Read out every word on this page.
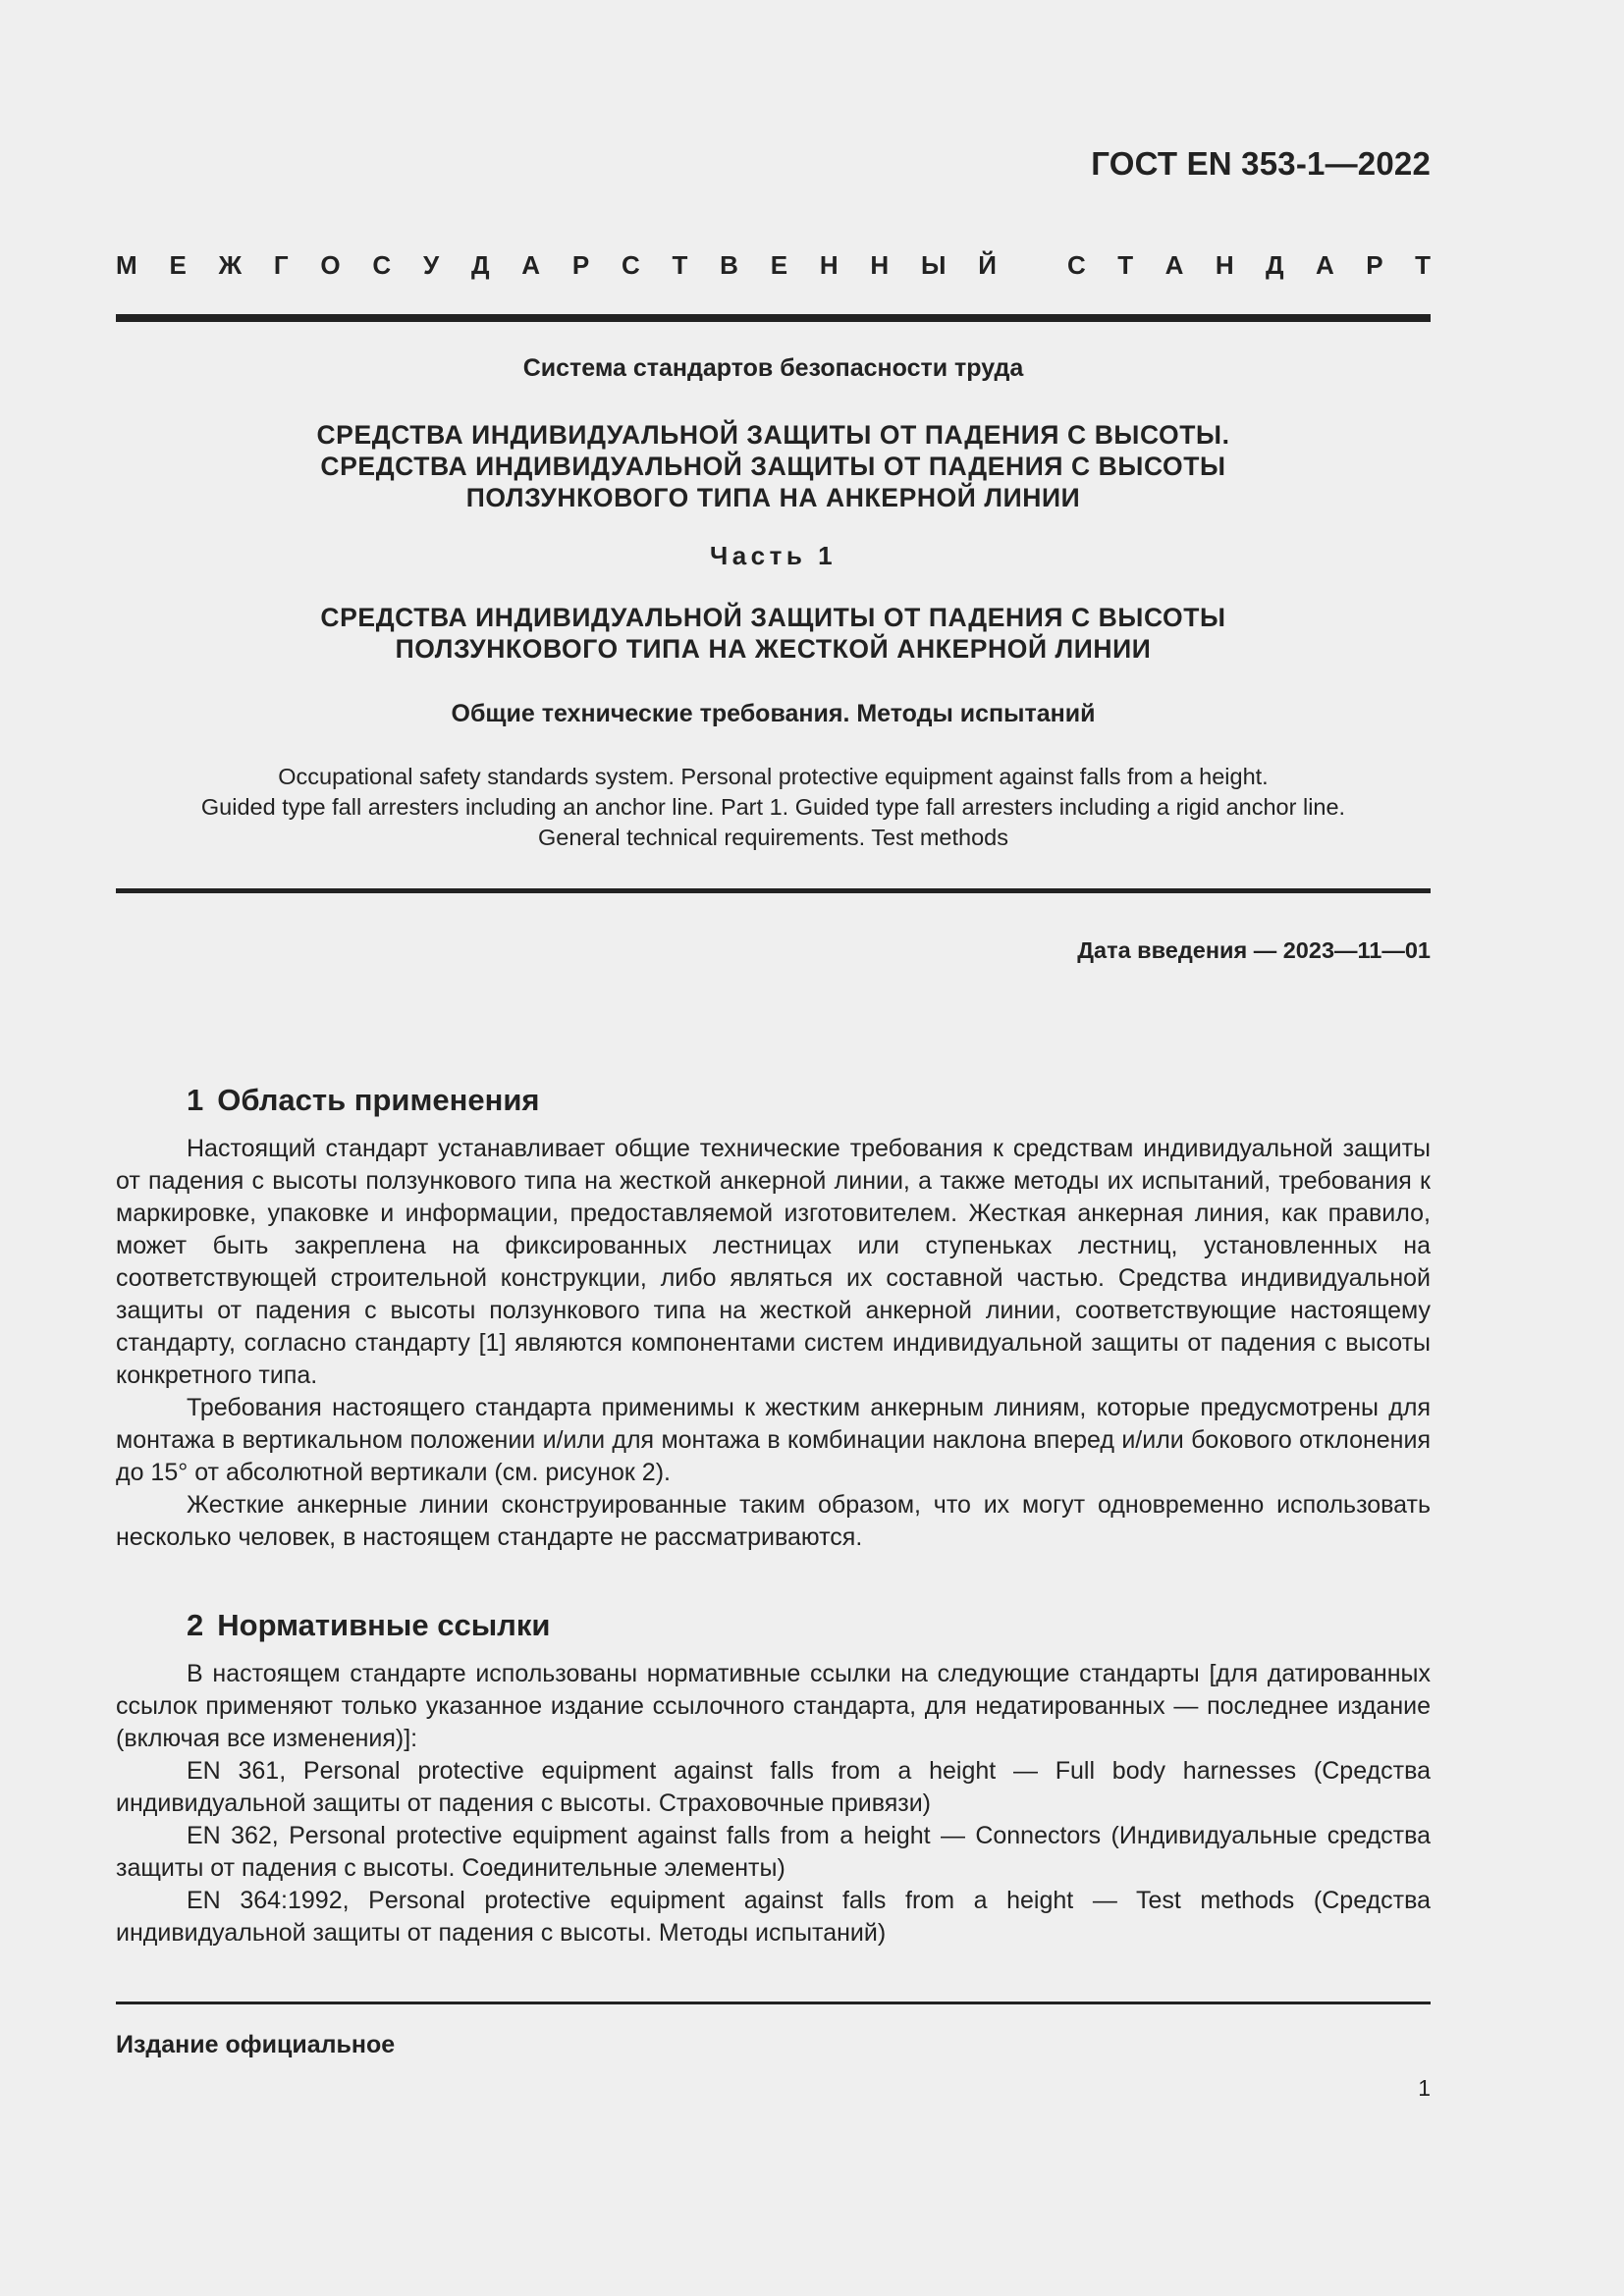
ГОСТ EN 353-1—2022
М Е Ж Г О С У Д А Р С Т В Е Н Н Ы Й	С Т А Н Д А Р Т
Система стандартов безопасности труда
СРЕДСТВА ИНДИВИДУАЛЬНОЙ ЗАЩИТЫ ОТ ПАДЕНИЯ С ВЫСОТЫ.
СРЕДСТВА ИНДИВИДУАЛЬНОЙ ЗАЩИТЫ ОТ ПАДЕНИЯ С ВЫСОТЫ
ПОЛЗУНКОВОГО ТИПА НА АНКЕРНОЙ ЛИНИИ
Часть 1
СРЕДСТВА ИНДИВИДУАЛЬНОЙ ЗАЩИТЫ ОТ ПАДЕНИЯ С ВЫСОТЫ
ПОЛЗУНКОВОГО ТИПА НА ЖЕСТКОЙ АНКЕРНОЙ ЛИНИИ
Общие технические требования. Методы испытаний
Occupational safety standards system. Personal protective equipment against falls from a height.
Guided type fall arresters including an anchor line. Part 1. Guided type fall arresters including a rigid anchor line.
General technical requirements. Test methods
Дата введения — 2023—11—01
1 Область применения

Настоящий стандарт устанавливает общие технические требования к средствам индивидуальной защиты от падения с высоты ползункового типа на жесткой анкерной линии, а также методы их испытаний, требования к маркировке, упаковке и информации, предоставляемой изготовителем. Жесткая анкерная линия, как правило, может быть закреплена на фиксированных лестницах или ступеньках лестниц, установленных на соответствующей строительной конструкции, либо являться их составной частью. Средства индивидуальной защиты от падения с высоты ползункового типа на жесткой анкерной линии, соответствующие настоящему стандарту, согласно стандарту [1] являются компонентами систем индивидуальной защиты от падения с высоты конкретного типа.

Требования настоящего стандарта применимы к жестким анкерным линиям, которые предусмотрены для монтажа в вертикальном положении и/или для монтажа в комбинации наклона вперед и/или бокового отклонения до 15° от абсолютной вертикали (см. рисунок 2).

Жесткие анкерные линии сконструированные таким образом, что их могут одновременно использовать несколько человек, в настоящем стандарте не рассматриваются.

2 Нормативные ссылки

В настоящем стандарте использованы нормативные ссылки на следующие стандарты [для датированных ссылок применяют только указанное издание ссылочного стандарта, для недатированных — последнее издание (включая все изменения)]:

EN 361, Personal protective equipment against falls from a height — Full body harnesses (Средства индивидуальной защиты от падения с высоты. Страховочные привязи)

EN 362, Personal protective equipment against falls from a height — Connectors (Индивидуальные средства защиты от падения с высоты. Соединительные элементы)

EN 364:1992, Personal protective equipment against falls from a height — Test methods (Средства индивидуальной защиты от падения с высоты. Методы испытаний)

Издание официальное
1
